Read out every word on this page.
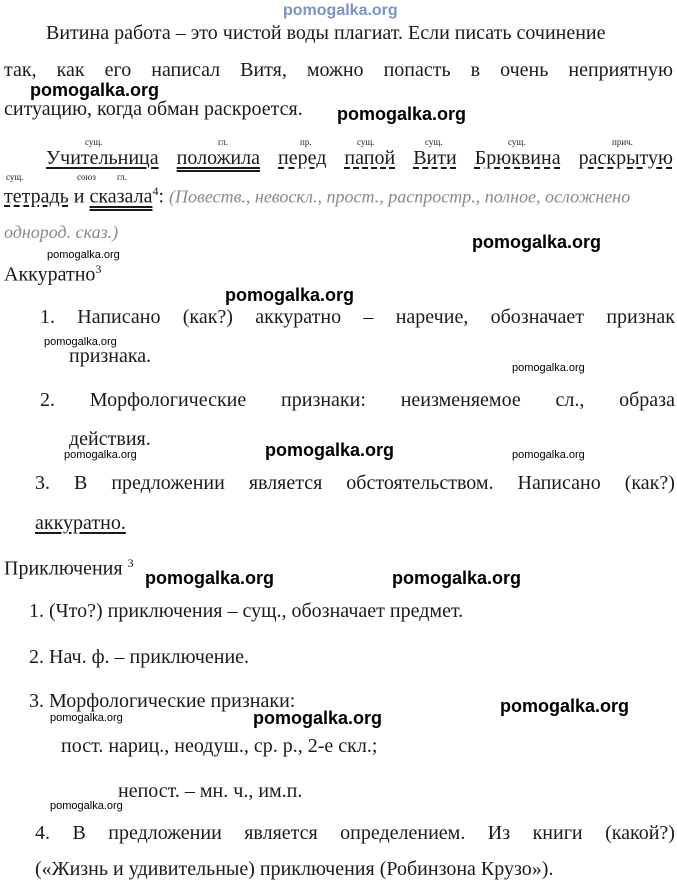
pomogalka.org
Витина работа – это чистой воды плагиат. Если писать сочинение
так, как его написал Витя, можно попасть в очень неприятную
ситуацию, когда обман раскроется.
сущ.	гл.	пр.	сущ.	сущ.	сущ.	прич.
Учительница положила перед папой Вити Брюквина раскрытую
сущ.	союз гл.
тетрадь и сказала$^4$: (Повеств., невоскл., прост., распростр., полное, осложнено
однород. сказ.)
Аккуратно$^3$
1. Написано (как?) аккуратно – наречие, обозначает признак
признака.
2. Морфологические признаки: неизменяемое сл., образа
действия.
3. В предложении является обстоятельством. Написано (как?)
аккуратно.
Приключения $^3$
1. (Что?) приключения – сущ., обозначает предмет.
2. Нач. ф. – приключение.
3. Морфологические признаки:
пост. нариц., неодуш., ср. р., 2-е скл.;
непост. – мн. ч., им.п.
4. В предложении является определением. Из книги (какой?)
(«Жизнь и удивительные) приключения (Робинзона Крузо»).
pomogalka.org
pomogalka.org
pomogalka.org
pomogalka.org
pomogalka.org
pomogalka.org
pomogalka.org
pomogalka.org
pomogalka.org	pomogalka.org
pomogalka.org	pomogalka.org
pomogalka.org
pomogalka.org	pomogalka.org
pomogalka.org
